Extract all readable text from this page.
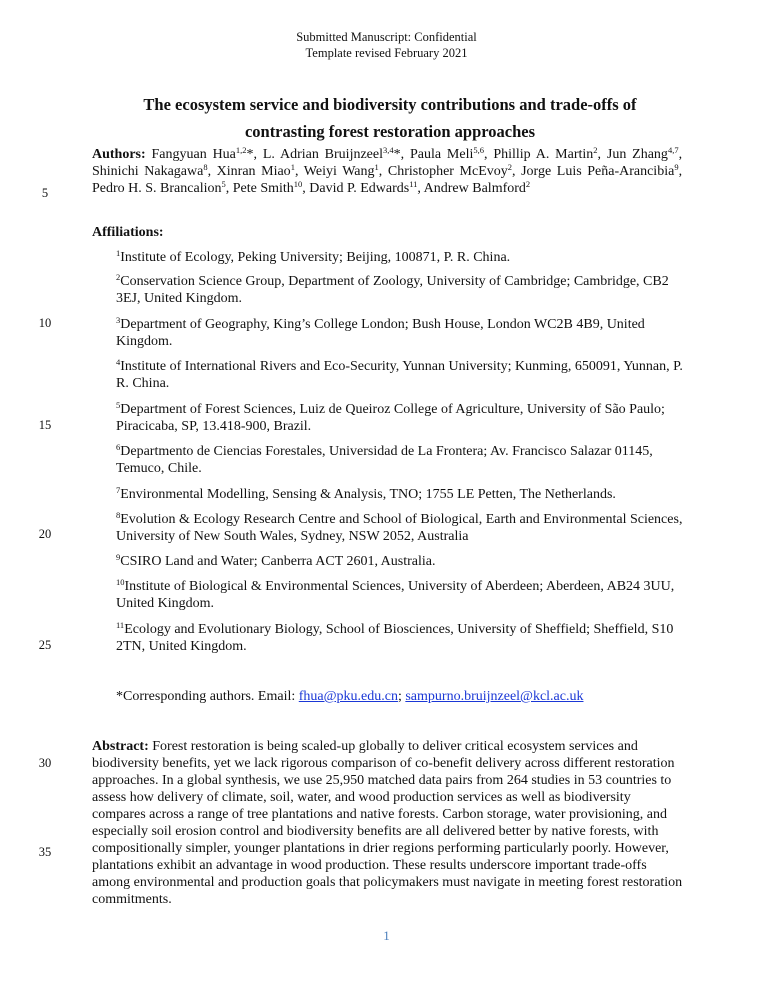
Submitted Manuscript: Confidential
Template revised February 2021
The ecosystem service and biodiversity contributions and trade-offs of
contrasting forest restoration approaches
Authors: Fangyuan Hua$^{1,2}$*, L. Adrian Bruijnzeel$^{3,4}$*, Paula Meli$^{5,6}$, Phillip A. Martin$^2$, Jun Zhang$^{4,7}$, Shinichi Nakagawa$^8$, Xinran Miao$^1$, Weiyi Wang$^1$, Christopher McEvoy$^2$, Jorge Luis Peña-Arancibia$^9$, Pedro H. S. Brancalion$^5$, Pete Smith$^{10}$, David P. Edwards$^{11}$, Andrew Balmford$^2$
5
10
15
20
25
30
35
Affiliations:
$^1$Institute of Ecology, Peking University; Beijing, 100871, P. R. China.
$^2$Conservation Science Group, Department of Zoology, University of Cambridge; Cambridge, CB2 3EJ, United Kingdom.
$^3$Department of Geography, King’s College London; Bush House, London WC2B 4B9, United Kingdom.
$^4$Institute of International Rivers and Eco-Security, Yunnan University; Kunming, 650091, Yunnan, P. R. China.
$^5$Department of Forest Sciences, Luiz de Queiroz College of Agriculture, University of São Paulo; Piracicaba, SP, 13.418-900, Brazil.
$^6$Departmento de Ciencias Forestales, Universidad de La Frontera; Av. Francisco Salazar 01145, Temuco, Chile.
$^7$Environmental Modelling, Sensing & Analysis, TNO; 1755 LE Petten, The Netherlands.
$^8$Evolution & Ecology Research Centre and School of Biological, Earth and Environmental Sciences, University of New South Wales, Sydney, NSW 2052, Australia
$^9$CSIRO Land and Water; Canberra ACT 2601, Australia.
$^{10}$Institute of Biological & Environmental Sciences, University of Aberdeen; Aberdeen, AB24 3UU, United Kingdom.
$^{11}$Ecology and Evolutionary Biology, School of Biosciences, University of Sheffield; Sheffield, S10 2TN, United Kingdom.
*Corresponding authors. Email: fhua@pku.edu.cn; sampurno.bruijnzeel@kcl.ac.uk
Abstract: Forest restoration is being scaled-up globally to deliver critical ecosystem services and biodiversity benefits, yet we lack rigorous comparison of co-benefit delivery across different restoration approaches. In a global synthesis, we use 25,950 matched data pairs from 264 studies in 53 countries to assess how delivery of climate, soil, water, and wood production services as well as biodiversity compares across a range of tree plantations and native forests. Carbon storage, water provisioning, and especially soil erosion control and biodiversity benefits are all delivered better by native forests, with compositionally simpler, younger plantations in drier regions performing particularly poorly. However, plantations exhibit an advantage in wood production. These results underscore important trade-offs among environmental and production goals that policymakers must navigate in meeting forest restoration commitments.
1
